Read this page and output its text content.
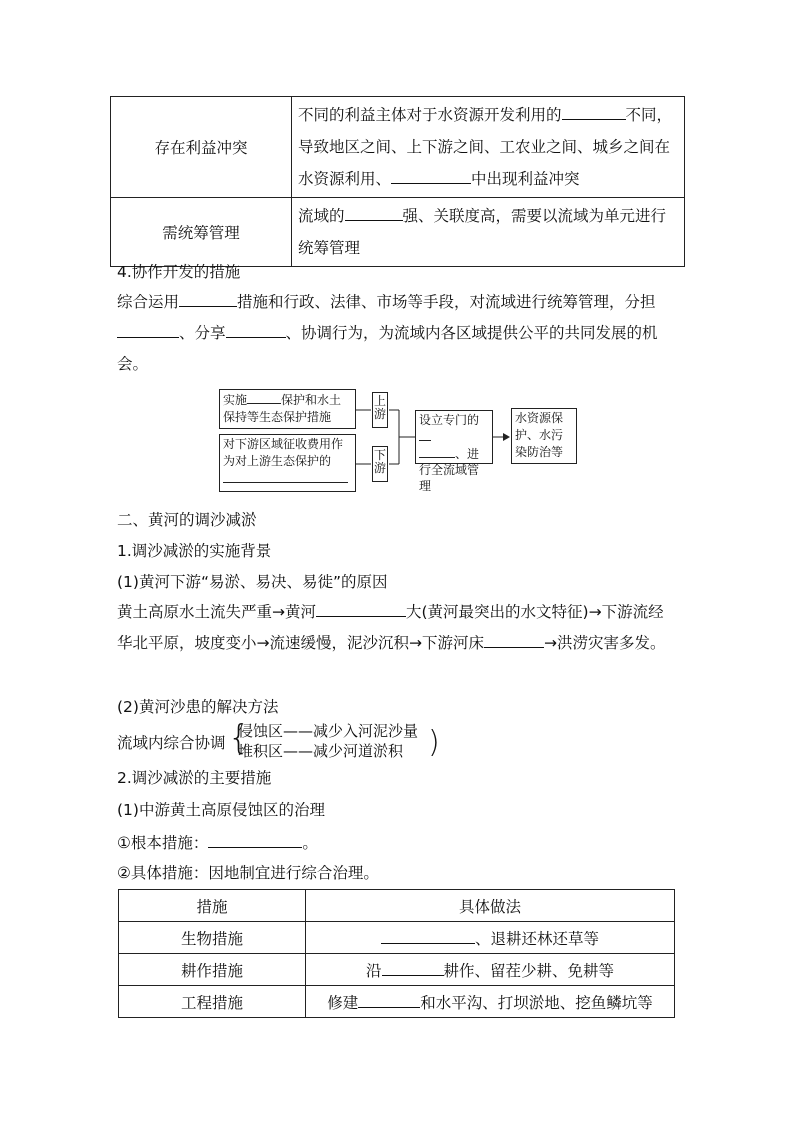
存在利益冲突	不同的利益主体对于水资源开发利用的 不同，导致地区之间、上下游之间、工农业之间、城乡之间在水资源利用、 中出现利益冲突
需统筹管理	流域的 强、关联度高，需要以流域为单元进行统筹管理
4.协作开发的措施
综合运用	措施和行政、法律、市场等手段，对流域进行统筹管理，分担、分享	、协调行为，为流域内各区域提供公平的共同发展的机会。
实施	保护和水土保持等生态保护措施
对下游区域征收费用作为对上游生态保护的

上
游
下
游
设立专门的
、进行全流域管理
水资源保护、水污染防治等
二、黄河的调沙减淤
1.调沙减淤的实施背景
(1)黄河下游“易淤、易决、易徙”的原因
黄土高原水土流失严重→黄河	大(黄河最突出的水文特征)→下游流经华北平原，坡度变小→流速缓慢，泥沙沉积→下游河床	→洪涝灾害多发。
(2)黄河沙患的解决方法
流域内综合协调 {
侵蚀区——减少入河泥沙量
堆积区——减少河道淤积 )
2.调沙减淤的主要措施
(1)中游黄土高原侵蚀区的治理
①根本措施：	。
②具体措施：因地制宜进行综合治理。
措施	具体做法
生物措施	、退耕还林还草等
耕作措施	沿 耕作、留茬少耕、免耕等
工程措施	修建 和水平沟、打坝淤地、挖鱼鳞坑等
